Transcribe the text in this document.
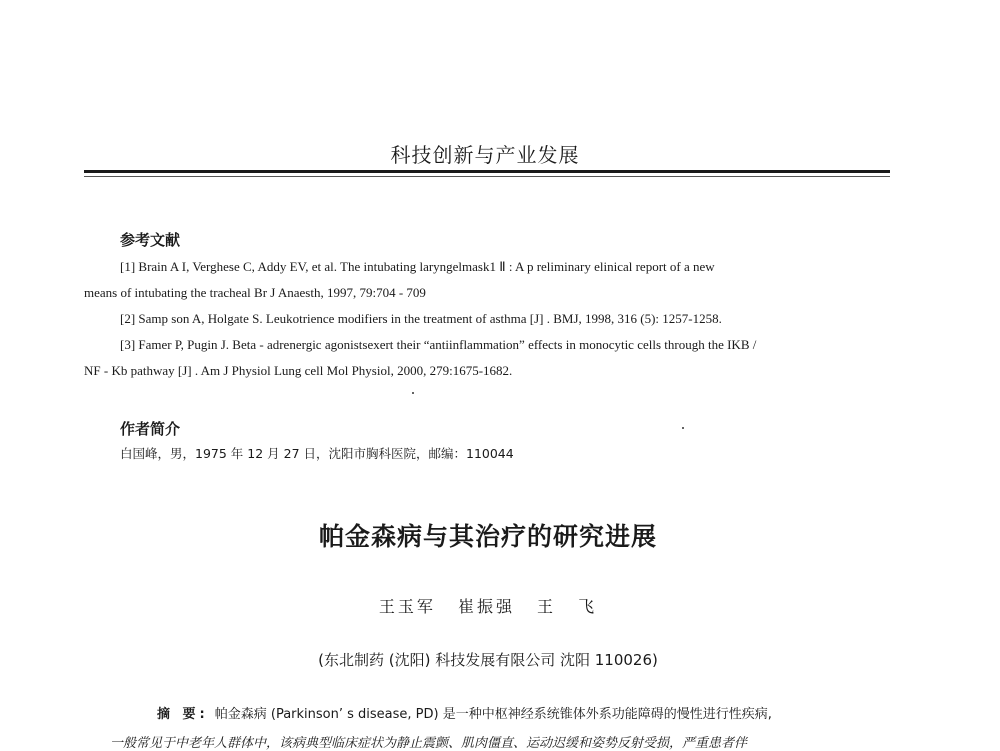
科技创新与产业发展
参考文献
[1] Brain A I, Verghese C, Addy EV, et al. The intubating laryngelmask1 Ⅱ : A p reliminary elinical report of a new
means of intubating the tracheal Br J Anaesth, 1997, 79:704 - 709
[2] Samp son A, Holgate S. Leukotrience modifiers in the treatment of asthma [J] . BMJ, 1998, 316 (5): 1257-1258.
[3] Famer P, Pugin J. Beta - adrenergic agonistsexert their “antiinflammation” effects in monocytic cells through the IKB /
NF - Kb pathway [J] . Am J Physiol Lung cell Mol Physiol, 2000, 279:1675-1682.
作者简介
白国峰，男，1975 年 12 月 27 日，沈阳市胸科医院，邮编：110044
帕金森病与其治疗的研究进展
王玉军 崔振强 王 飞
(东北制药 (沈阳) 科技发展有限公司 沈阳 110026)
摘 要: 帕金森病 (Parkinson’ s disease, PD) 是一种中枢神经系统锥体外系功能障碍的慢性进行性疾病,
一般常见于中老年人群体中，该病典型临床症状为静止震颤、肌肉僵直、运动迟缓和姿势反射受损，严重患者伴
